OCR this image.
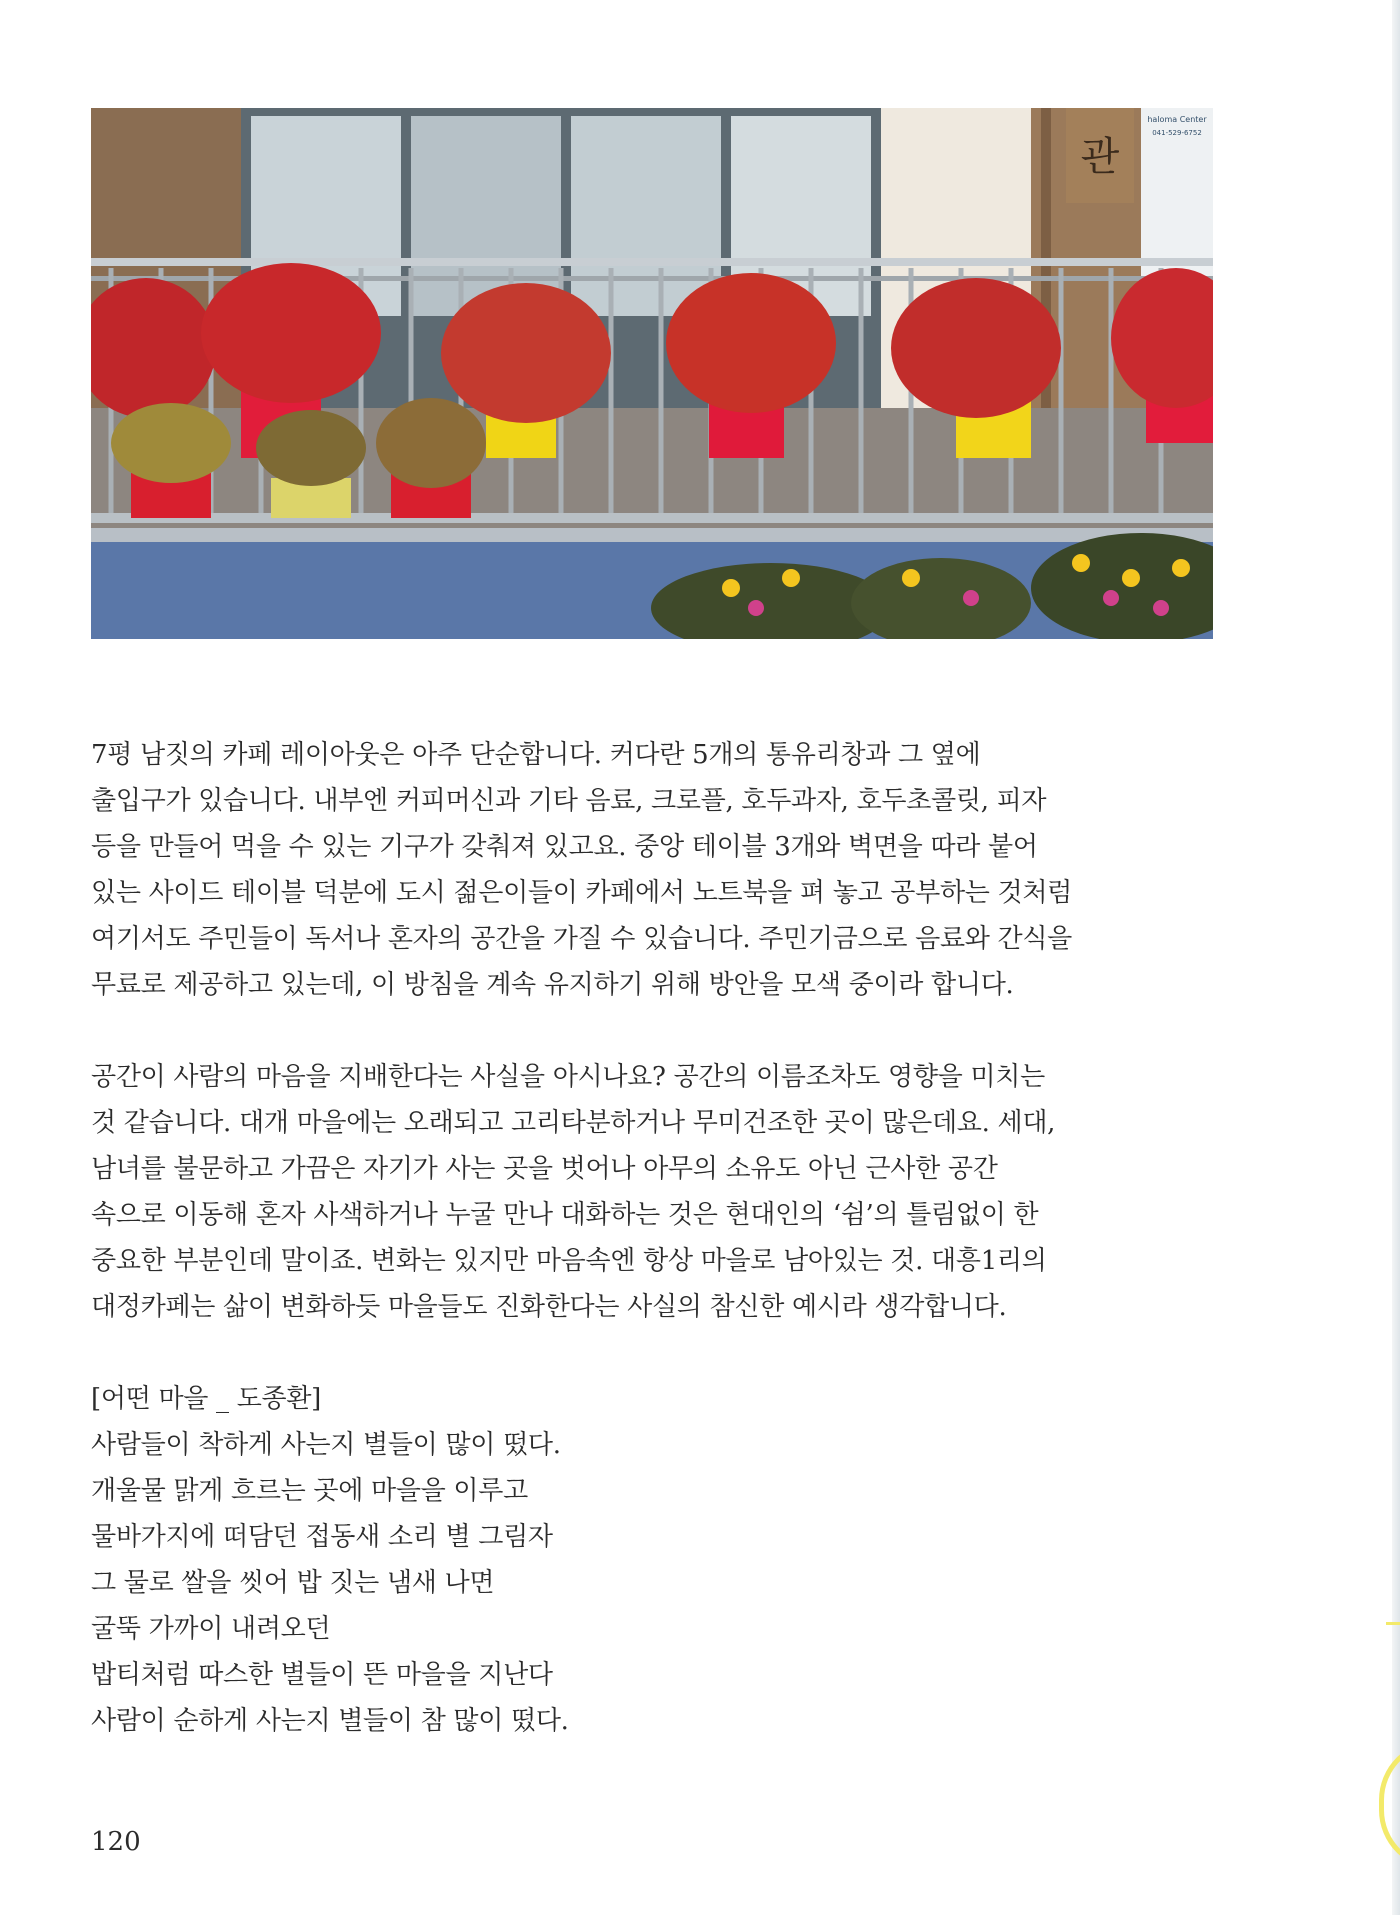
관
haloma Center
041-529-6752

7평 남짓의 카페 레이아웃은 아주 단순합니다. 커다란 5개의 통유리창과 그 옆에
출입구가 있습니다. 내부엔 커피머신과 기타 음료, 크로플, 호두과자, 호두초콜릿, 피자
등을 만들어 먹을 수 있는 기구가 갖춰져 있고요. 중앙 테이블 3개와 벽면을 따라 붙어
있는 사이드 테이블 덕분에 도시 젊은이들이 카페에서 노트북을 펴 놓고 공부하는 것처럼
여기서도 주민들이 독서나 혼자의 공간을 가질 수 있습니다. 주민기금으로 음료와 간식을
무료로 제공하고 있는데, 이 방침을 계속 유지하기 위해 방안을 모색 중이라 합니다.

공간이 사람의 마음을 지배한다는 사실을 아시나요? 공간의 이름조차도 영향을 미치는
것 같습니다. 대개 마을에는 오래되고 고리타분하거나 무미건조한 곳이 많은데요. 세대,
남녀를 불문하고 가끔은 자기가 사는 곳을 벗어나 아무의 소유도 아닌 근사한 공간
속으로 이동해 혼자 사색하거나 누굴 만나 대화하는 것은 현대인의 ‘쉼’의 틀림없이 한
중요한 부분인데 말이죠. 변화는 있지만 마음속엔 항상 마을로 남아있는 것. 대흥1리의
대정카페는 삶이 변화하듯 마을들도 진화한다는 사실의 참신한 예시라 생각합니다.

[어떤 마을 _ 도종환]
사람들이 착하게 사는지 별들이 많이 떴다.
개울물 맑게 흐르는 곳에 마을을 이루고
물바가지에 떠담던 접동새 소리 별 그림자
그 물로 쌀을 씻어 밥 짓는 냄새 나면
굴뚝 가까이 내려오던
밥티처럼 따스한 별들이 뜬 마을을 지난다
사람이 순하게 사는지 별들이 참 많이 떴다.
120
